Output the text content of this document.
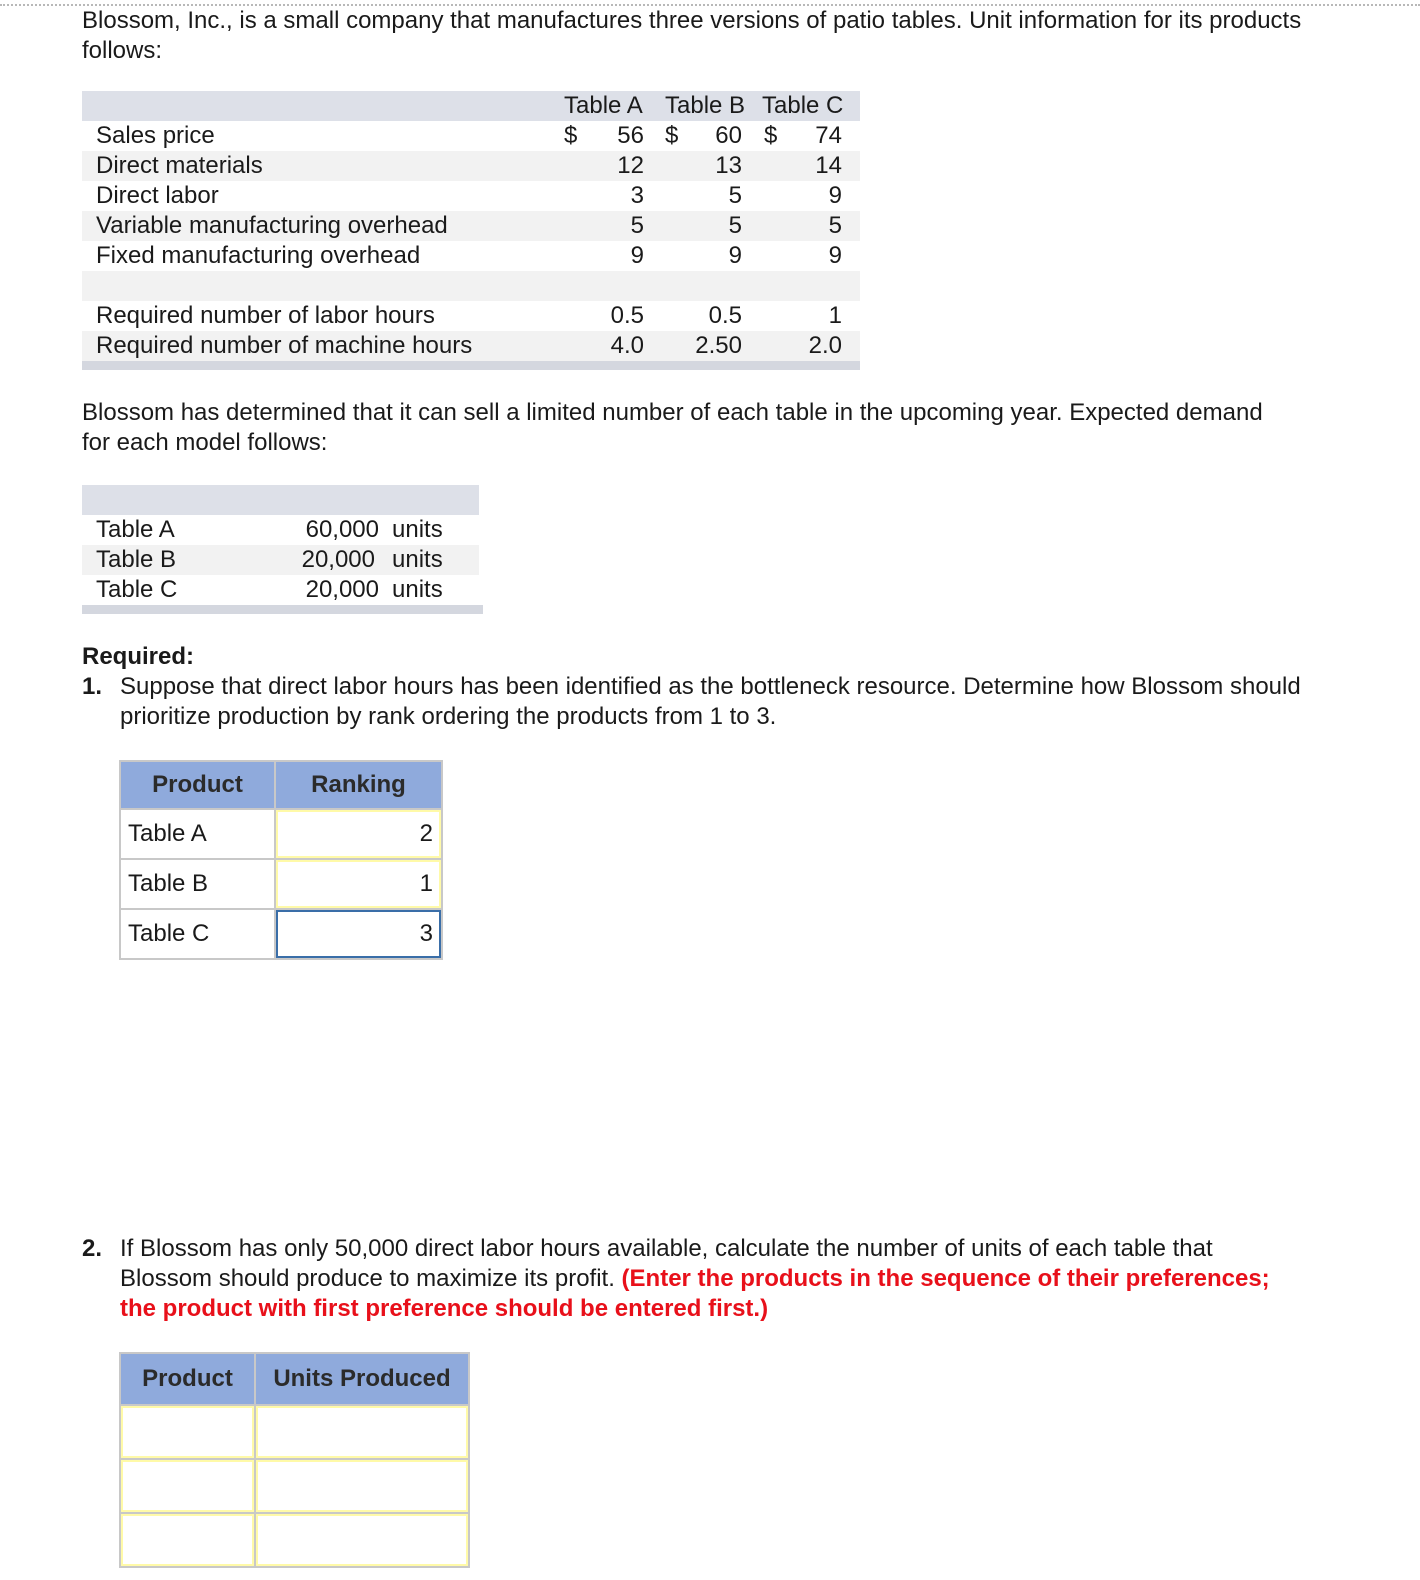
Blossom, Inc., is a small company that manufactures three versions of patio tables. Unit information for its products follows:

Table A Table B Table C
Sales price	$ 56 $ 60 $ 74
Direct materials	12	13	14
Direct labor	3	5	9
Variable manufacturing overhead	5	5	5
Fixed manufacturing overhead	9	9	9
Required number of labor hours	0.5	0.5	1
Required number of machine hours	4.0 2.50	2.0

Blossom has determined that it can sell a limited number of each table in the upcoming year. Expected demand for each model follows:

Table A	60,000 units
Table B	20,000 units
Table C	20,000 units
Required:
1. Suppose that direct labor hours has been identified as the bottleneck resource. Determine how Blossom should prioritize production by rank ordering the products from 1 to 3.
Product	Ranking
Table A	2

Table B	1

Table C	3
2. If Blossom has only 50,000 direct labor hours available, calculate the number of units of each table that Blossom should produce to maximize its profit. (Enter the products in the sequence of their preferences; the product with first preference should be entered first.)
Product	Units Produced
